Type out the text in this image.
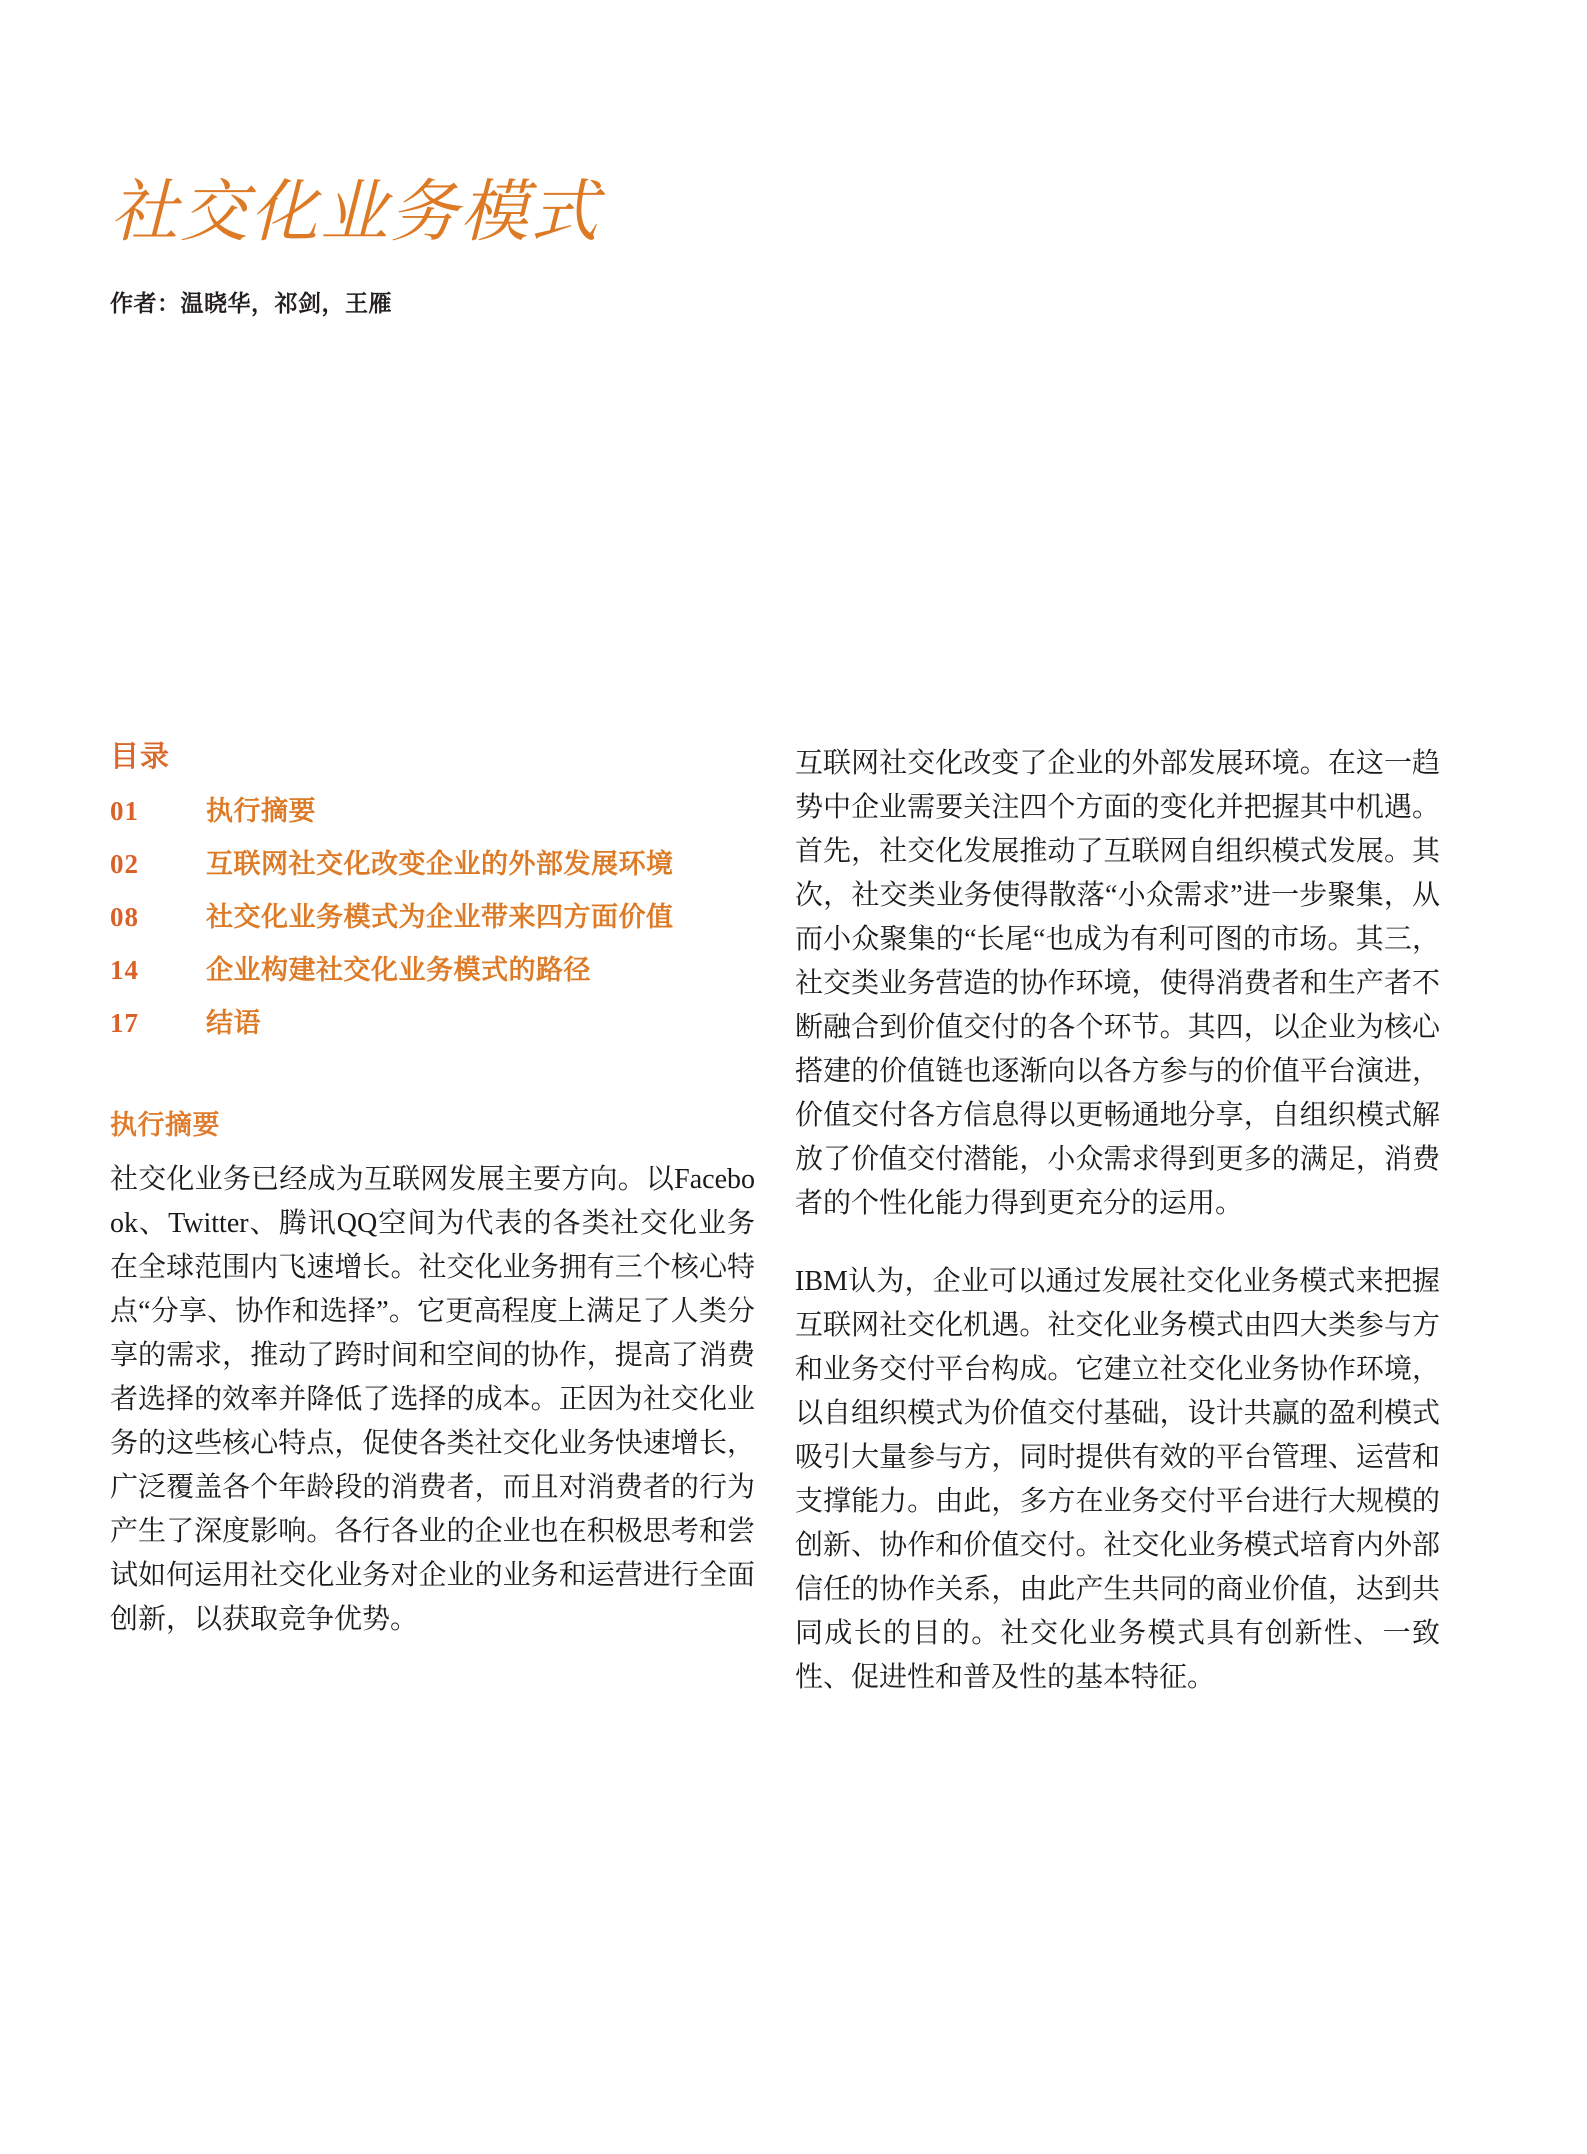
社交化业务模式

作者：温晓华，祁剑，王雁

目录
01	执行摘要
02	互联网社交化改变企业的外部发展环境
08	社交化业务模式为企业带来四方面价值
14	企业构建社交化业务模式的路径
17	结语
执行摘要

社交化业务已经成为互联网发展主要方向。以Facebook、Twitter、腾讯QQ空间为代表的各类社交化业务在全球范围内飞速增长。社交化业务拥有三个核心特点“分享、协作和选择”。它更高程度上满足了人类分享的需求，推动了跨时间和空间的协作，提高了消费者选择的效率并降低了选择的成本。正因为社交化业务的这些核心特点，促使各类社交化业务快速增长，广泛覆盖各个年龄段的消费者，而且对消费者的行为产生了深度影响。各行各业的企业也在积极思考和尝试如何运用社交化业务对企业的业务和运营进行全面创新，以获取竞争优势。

互联网社交化改变了企业的外部发展环境。在这一趋势中企业需要关注四个方面的变化并把握其中机遇。首先，社交化发展推动了互联网自组织模式发展。其次，社交类业务使得散落“小众需求”进一步聚集，从而小众聚集的“长尾“也成为有利可图的市场。其三，社交类业务营造的协作环境，使得消费者和生产者不断融合到价值交付的各个环节。其四，以企业为核心搭建的价值链也逐渐向以各方参与的价值平台演进，价值交付各方信息得以更畅通地分享，自组织模式解放了价值交付潜能，小众需求得到更多的满足，消费者的个性化能力得到更充分的运用。

IBM认为，企业可以通过发展社交化业务模式来把握互联网社交化机遇。社交化业务模式由四大类参与方和业务交付平台构成。它建立社交化业务协作环境，以自组织模式为价值交付基础，设计共赢的盈利模式吸引大量参与方，同时提供有效的平台管理、运营和支撑能力。由此，多方在业务交付平台进行大规模的创新、协作和价值交付。社交化业务模式培育内外部信任的协作关系，由此产生共同的商业价值，达到共同成长的目的。社交化业务模式具有创新性、一致性、促进性和普及性的基本特征。
